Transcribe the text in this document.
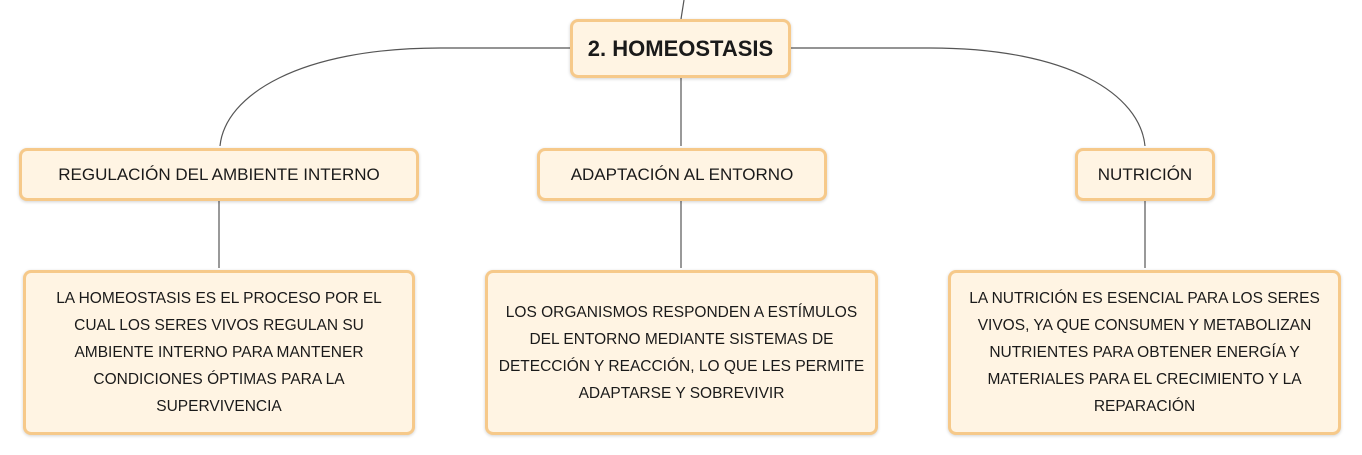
2. HOMEOSTASIS
REGULACIÓN DEL AMBIENTE INTERNO	ADAPTACIÓN AL ENTORNO	NUTRICIÓN
LA HOMEOSTASIS ES EL PROCESO POR EL CUAL LOS SERES VIVOS REGULAN SU AMBIENTE INTERNO PARA MANTENER CONDICIONES ÓPTIMAS PARA LA SUPERVIVENCIA
LOS ORGANISMOS RESPONDEN A ESTÍMULOS DEL ENTORNO MEDIANTE SISTEMAS DE DETECCIÓN Y REACCIÓN, LO QUE LES PERMITE ADAPTARSE Y SOBREVIVIR
LA NUTRICIÓN ES ESENCIAL PARA LOS SERES VIVOS, YA QUE CONSUMEN Y METABOLIZAN NUTRIENTES PARA OBTENER ENERGÍA Y MATERIALES PARA EL CRECIMIENTO Y LA REPARACIÓN
